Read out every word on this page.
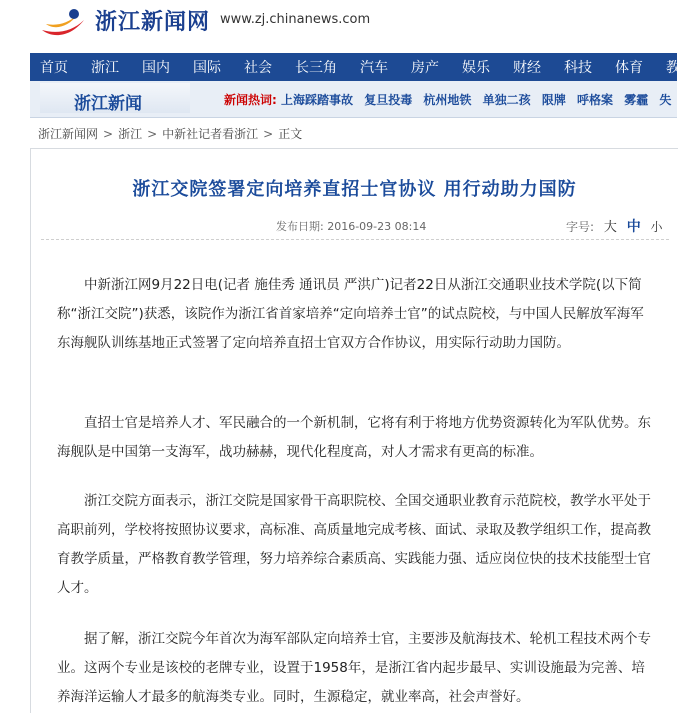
浙江新闻网 www.zj.chinanews.com
首页 浙江 国内 国际 社会 长三角 汽车 房产 娱乐 财经 科技 体育 教育
浙江新闻	新闻热词: 上海踩踏事故 复旦投毒 杭州地铁 单独二孩 限牌 呼格案 雾霾 失
浙江新闻网 > 浙江 > 中新社记者看浙江 > 正文
浙江交院签署定向培养直招士官协议 用行动助力国防
发布日期: 2016-09-23 08:14	字号: 大 中 小

中新浙江网9月22日电(记者 施佳秀 通讯员 严洪广)记者22日从浙江交通职业技术学院(以下简称“浙江交院”)获悉，该院作为浙江省首家培养“定向培养士官”的试点院校，与中国人民解放军海军东海舰队训练基地正式签署了定向培养直招士官双方合作协议，用实际行动助力国防。

直招士官是培养人才、军民融合的一个新机制，它将有利于将地方优势资源转化为军队优势。东海舰队是中国第一支海军，战功赫赫，现代化程度高，对人才需求有更高的标准。

浙江交院方面表示，浙江交院是国家骨干高职院校、全国交通职业教育示范院校，教学水平处于高职前列，学校将按照协议要求，高标准、高质量地完成考核、面试、录取及教学组织工作，提高教育教学质量，严格教育教学管理，努力培养综合素质高、实践能力强、适应岗位快的技术技能型士官人才。

据了解，浙江交院今年首次为海军部队定向培养士官，主要涉及航海技术、轮机工程技术两个专业。这两个专业是该校的老牌专业，设置于1958年，是浙江省内起步最早、实训设施最为完善、培养海洋运输人才最多的航海类专业。同时，生源稳定，就业率高，社会声誉好。
